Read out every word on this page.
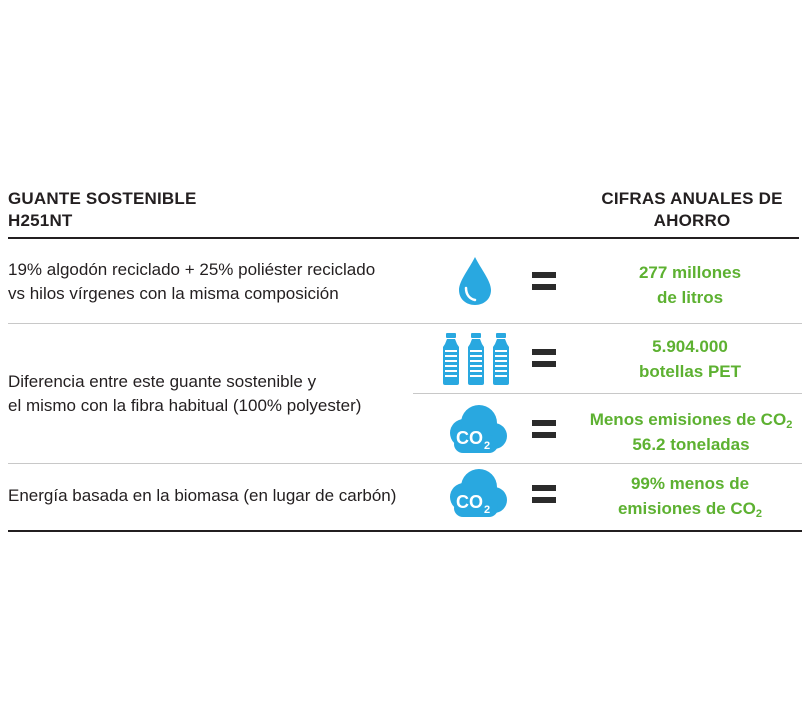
GUANTE SOSTENIBLE
H251NT
CIFRAS ANUALES DE
AHORRO
19% algodón reciclado + 25% poliéster reciclado
vs hilos vírgenes con la misma composición
277 millones
de litros
Diferencia entre este guante sostenible y
el mismo con la fibra habitual (100% polyester)
5.904.000
botellas PET
CO 2
Menos emisiones de $CO_2$
56.2 toneladas
Energía basada en la biomasa (en lugar de carbón)	CO 2
99% menos de
emisiones de $CO_2$
